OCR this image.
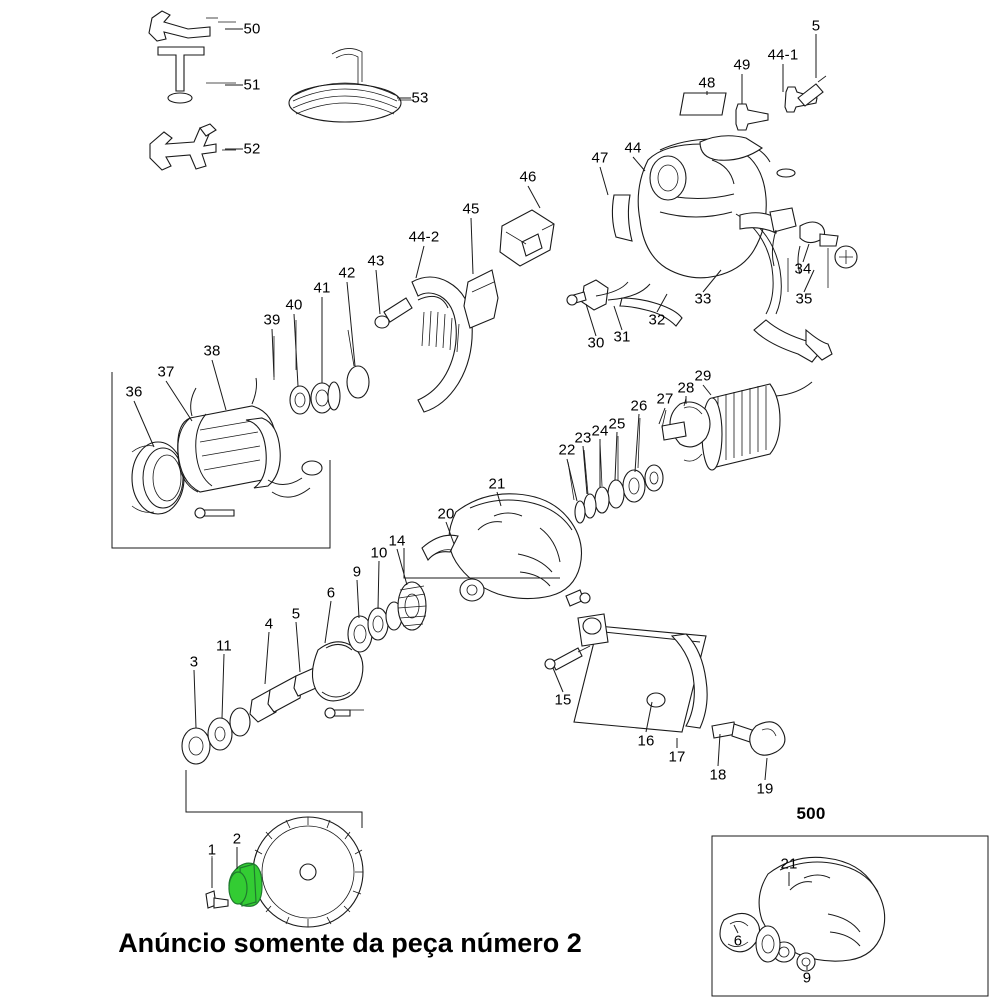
50
51
52
53
5
44-1
49
48
44
47
46
45
44-2
34
35
33
32
31
30
43
42
41
40
39
38
37
36
29
28
27
26
25
24
23
22
21
20
14
10
9
6
5
4
11
3
15
16
17
18
19
2
1
500
21
6
9
Anúncio somente da peça número 2
